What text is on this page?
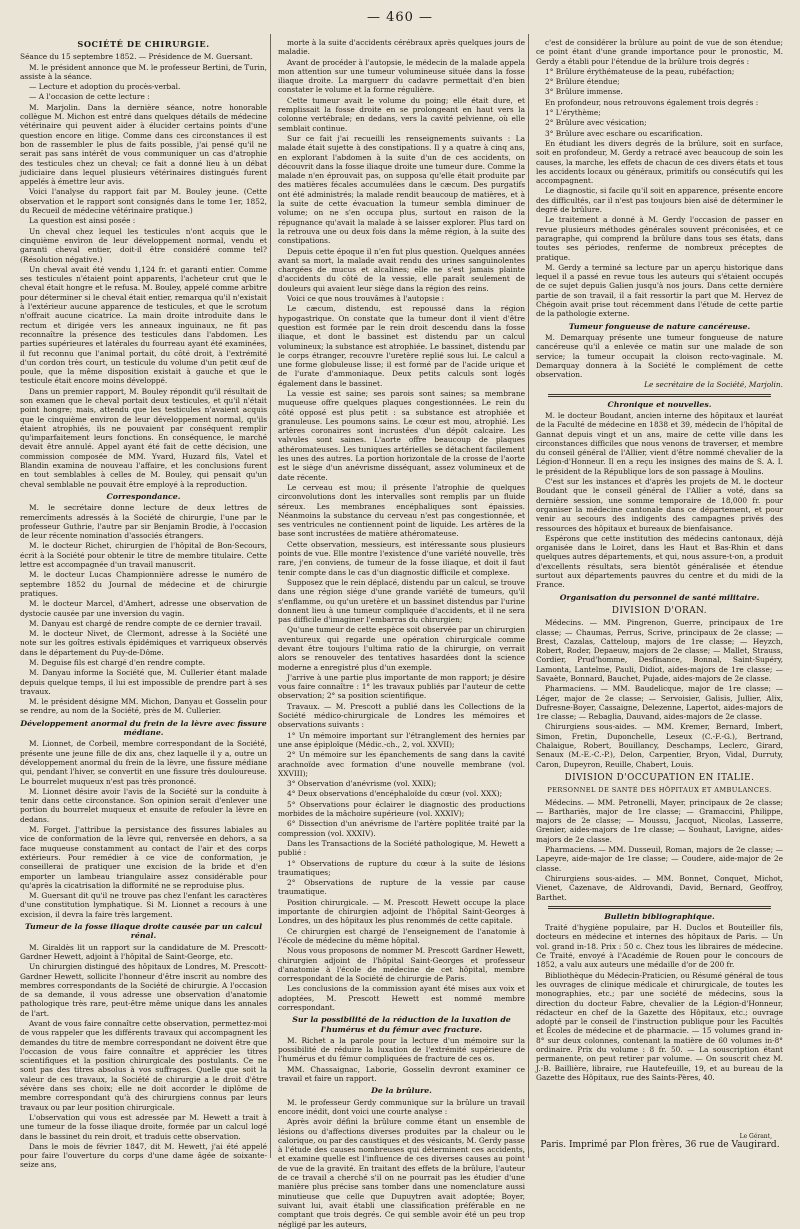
— 460 —
SOCIÉTÉ DE CHIRURGIE.

Séance du 15 septembre 1852. — Présidence de M. Guersant.

M. le président annonce que M. le professeur Bertini, de Turin, assiste à la séance.

— Lecture et adoption du procès-verbal.

— A l'occasion de cette lecture :

M. Marjolin. Dans la dernière séance, notre honorable collègue M. Michon est entré dans quelques détails de médecine vétérinaire qui peuvent aider à élucider certains points d'une question encore en litige. Comme dans ces circonstances il est bon de rassembler le plus de faits possible, j'ai pensé qu'il ne serait pas sans intérêt de vous communiquer un cas d'atrophie des testicules chez un cheval; ce fait a donné lieu à un débat judiciaire dans lequel plusieurs vétérinaires distingués furent appelés à émettre leur avis.

Voici l'analyse du rapport fait par M. Bouley jeune. (Cette observation et le rapport sont consignés dans le tome 1er, 1852, du Recueil de médecine vétérinaire pratique.)

La question est ainsi posée :

Un cheval chez lequel les testicules n'ont acquis que le cinquième environ de leur développement normal, vendu et garanti cheval entier, doit-il être considéré comme tel? (Résolution négative.)

Un cheval avait été vendu 1,124 fr. et garanti entier. Comme ses testicules n'étaient point apparents, l'acheteur crut que le cheval était hongre et le refusa. M. Bouley, appelé comme arbitre pour déterminer si le cheval était entier, remarqua qu'il n'existait à l'extérieur aucune apparence de testicules, et que le scrotum n'offrait aucune cicatrice. La main droite introduite dans le rectum et dirigée vers les anneaux inguinaux, ne fit pas reconnaître la présence des testicules dans l'abdomen. Les parties supérieures et latérales du fourreau ayant été examinées, il fut reconnu que l'animal portait, du côté droit, à l'extrémité d'un cordon très court, un testicule du volume d'un petit œuf de poule, que la même disposition existait à gauche et que le testicule était encore moins développé.

Dans un premier rapport, M. Bouley répondit qu'il résultait de son examen que le cheval portait deux testicules, et qu'il n'était point hongre; mais, attendu que les testicules n'avaient acquis que le cinquième environ de leur développement normal, qu'ils étaient atrophiés, ils ne pouvaient par conséquent remplir qu'imparfaitement leurs fonctions. En conséquence, le marché devait être annulé. Appel ayant été fait de cette décision, une commission composée de MM. Yvard, Huzard fils, Vatel et Blandin examina de nouveau l'affaire, et les conclusions furent en tout semblables à celles de M. Bouley, qui pensait qu'un cheval semblable ne pouvait être employé à la reproduction.

Correspondance.

M. le secrétaire donne lecture de deux lettres de remercîments adressés à la Société de chirurgie, l'une par le professeur Guthrie, l'autre par sir Benjamin Brodie, à l'occasion de leur récente nomination d'associés étrangers.

M. le docteur Richet, chirurgien de l'hôpital de Bon-Secours, écrit à la Société pour obtenir le titre de membre titulaire. Cette lettre est accompagnée d'un travail manuscrit.

M. le docteur Lucas Championnière adresse le numéro de septembre 1852 du Journal de médecine et de chirurgie pratiques.

M. le docteur Marcel, d'Amhert, adresse une observation de dystocie causée par une inversion du vagin.

M. Danyau est chargé de rendre compte de ce dernier travail.

M. le docteur Nivet, de Clermont, adresse à la Société une note sur les goîtres estivals épidémiques et varriqueux observés dans le département du Puy-de-Dôme.

M. Deguise fils est chargé d'en rendre compte.

M. Danyau informe la Société que, M. Cullerier étant malade depuis quelque temps, il lui est impossible de prendre part à ses travaux.

M. le président désigne MM. Michon, Danyau et Gosselin pour se rendre, au nom de la Société, près de M. Cullerier.

Développement anormal du frein de la lèvre avec fissure médiane.

M. Lionnet, de Corbeil, membre correspondant de la Société, présente une jeune fille de dix ans, chez laquelle il y a, outre un développement anormal du frein de la lèvre, une fissure médiane qui, pendant l'hiver, se convertit en une fissure très douloureuse. Le bourrelet muqueux n'est pas très prononcé.

M. Lionnet désire avoir l'avis de la Société sur la conduite à tenir dans cette circonstance. Son opinion serait d'enlever une portion du bourrelet muqueux et ensuite de refouler la lèvre en dedans.

M. Forget. J'attribue la persistance des fissures labiales au vice de conformation de la lèvre qui, renversée en dehors, a sa face muqueuse constamment au contact de l'air et des corps extérieurs. Pour remédier à ce vice de conformation, je conseillerai de pratiquer une excision de la bride et d'en emporter un lambeau triangulaire assez considérable pour qu'après la cicatrisation la difformité ne se reproduise plus.

M. Guersant dit qu'il ne trouve pas chez l'enfant les caractères d'une constitution lymphatique. Si M. Lionnet a recours à une excision, il devra la faire très largement.

Tumeur de la fosse iliaque droite causée par un calcul rénal.

M. Giraldès lit un rapport sur la candidature de M. Prescott-Gardner Hewett, adjoint à l'hôpital de Saint-George, etc.

Un chirurgien distingué des hôpitaux de Londres, M. Prescott-Gardner Hewett, sollicite l'honneur d'être inscrit au nombre des membres correspondants de la Société de chirurgie. A l'occasion de sa demande, il vous adresse une observation d'anatomie pathologique très rare, peut-être même unique dans les annales de l'art.

Avant de vous faire connaître cette observation, permettez-moi de vous rappeler que les différents travaux qui accompagnent les demandes du titre de membre correspondant ne doivent être que l'occasion de vous faire connaître et apprécier les titres scientifiques et la position chirurgicale des postulants. Ce ne sont pas des titres absolus à vos suffrages. Quelle que soit la valeur de ces travaux, la Société de chirurgie a le droit d'être sévère dans ses choix; elle ne doit accorder le diplôme de membre correspondant qu'à des chirurgiens connus par leurs travaux ou par leur position chirurgicale.

L'observation qui vous est adressée par M. Hewett a trait à une tumeur de la fosse iliaque droite, formée par un calcul logé dans le bassinet du rein droit, et traduis cette observation.

Dans le mois de février 1847, dit M. Hewett, j'ai été appelé pour faire l'ouverture du corps d'une dame âgée de soixante-seize ans,

morte à la suite d'accidents cérébraux après quelques jours de maladie.

Avant de procéder à l'autopsie, le médecin de la malade appela mon attention sur une tumeur volumineuse située dans la fosse iliaque droite. La marguerr du cadavre permettait d'en bien constater le volume et la forme régulière.

Cette tumeur avait le volume du poing; elle était dure, et remplissait la fosse droite en se prolongeant en haut vers la colonne vertébrale; en dedans, vers la cavité pelvienne, où elle semblait continue.

Sur ce fait j'ai recueilli les renseignements suivants : La malade était sujette à des constipations. Il y a quatre à cinq ans, en explorant l'abdomen à la suite d'un de ces accidents, on découvrit dans la fosse iliaque droite une tumeur dure. Comme la malade n'en éprouvait pas, on supposa qu'elle était produite par des matières fécales accumulées dans le cæcum. Des purgatifs ont été administrés; la malade rendit beaucoup de matières, et à la suite de cette évacuation la tumeur sembla diminuer de volume; on ne s'en occupa plus, surtout en raison de la répugnance qu'avait la malade à se laisser explorer. Plus tard on la retrouva une ou deux fois dans la même région, à la suite des constipations.

Depuis cette époque il n'en fut plus question. Quelques années avant sa mort, la malade avait rendu des urines sanguinolentes chargées de mucus et alcalines; elle ne s'est jamais plainte d'accidents du côté de la vessie, elle paraît seulement de douleurs qui avaient leur siège dans la région des reins.

Voici ce que nous trouvâmes à l'autopsie :

Le cæcum, distendu, est repoussé dans la région hypogastrique. On constate que la tumeur dont il vient d'être question est formée par le rein droit descendu dans la fosse iliaque, et dont le bassinet est distendu par un calcul volumineux; la substance est atrophiée. Le bassinet, distendu par le corps étranger, recouvre l'uretère replié sous lui. Le calcul a une forme globuleuse lisse; il est formé par de l'acide urique et de l'urate d'ammoniaque. Deux petits calculs sont logés également dans le bassinet.

La vessie est saine; ses parois sont saines; sa membrane muqueuse offre quelques plaques congestionnées. Le rein du côté opposé est plus petit : sa substance est atrophiée et granuleuse. Les poumons sains. Le cœur est mou, atrophié. Les artères coronaires sont incrustées d'un dépôt calcaire. Les valvules sont saines. L'aorte offre beaucoup de plaques athéromateuses. Les tuniques artérielles se détachent facilement les unes des autres. La portion horizontale de la crosse de l'aorte est le siège d'un anévrisme disséquant, assez volumineux et de date récente.

Le cerveau est mou; il présente l'atrophie de quelques circonvolutions dont les intervalles sont remplis par un fluide séreux. Les membranes encéphaliques sont épaissies. Néanmoins la substance du cerveau n'est pas congestionnée, et ses ventricules ne contiennent point de liquide. Les artères de la base sont incrustées de matière athéromateuse.

Cette observation, messieurs, est intéressante sous plusieurs points de vue. Elle montre l'existence d'une variété nouvelle, très rare, j'en conviens, de tumeur de la fosse iliaque, et doit il faut tenir compte dans le cas d'un diagnostic difficile et complexe.

Supposez que le rein déplacé, distendu par un calcul, se trouve dans une région siége d'une grande variété de tumeurs, qu'il s'enflamme, ou qu'un uretère et un bassinet distendus par l'urine donnent lieu à une tumeur compliquée d'accidents, et il ne sera pas difficile d'imaginer l'embarras du chirurgien;

Qu'une tumeur de cette espèce soit observée par un chirurgien aventureux qui regarde une opération chirurgicale comme devant être toujours l'ultima ratio de la chirurgie, on verrait alors se renouveler des tentatives hasardées dont la science moderne a enregistré plus d'un exemple.

J'arrive à une partie plus importante de mon rapport; je désire vous faire connaître : 1° les travaux publiés par l'auteur de cette observation; 2° sa position scientifique.

Travaux. — M. Prescott a publié dans les Collections de la Société médico-chirurgicale de Londres les mémoires et observations suivants :

1° Un mémoire important sur l'étranglement des hernies par une anse épiploïque (Médic.-ch., 2, vol. XXVII);

2° Un mémoire sur les épanchements de sang dans la cavité arachnoïde avec formation d'une nouvelle membrane (vol. XXVIII);

3° Observation d'anévrisme (vol. XXIX);

4° Deux observations d'encéphaloïde du cœur (vol. XXX);

5° Observations pour éclairer le diagnostic des productions morbides de la mâchoire supérieure (vol. XXXIV);

6° Dissection d'un anévrisme de l'artère poplitée traité par la compression (vol. XXXIV).

Dans les Transactions de la Société pathologique, M. Hewett a publié :

1° Observations de rupture du cœur à la suite de lésions traumatiques;

2° Observations de rupture de la vessie par cause traumatique.

Position chirurgicale. — M. Prescott Hewett occupe la place importante de chirurgien adjoint de l'hôpital Saint-Georges à Londres, un des hôpitaux les plus renommés de cette capitale.

Ce chirurgien est chargé de l'enseignement de l'anatomie à l'école de médecine du même hôpital.

Nous vous proposons de nommer M. Prescott Gardner Hewett, chirurgien adjoint de l'hôpital Saint-Georges et professeur d'anatomie à l'école de médecine de cet hôpital, membre correspondant de la Société de chirurgie de Paris.

Les conclusions de la commission ayant été mises aux voix et adoptées, M. Prescott Hewett est nommé membre correspondant.

Sur la possibilité de la réduction de la luxation de l'humérus et du fémur avec fracture.

M. Richet a la parole pour la lecture d'un mémoire sur la possibilité de réduire la luxation de l'extrémité supérieure de l'humérus et du fémur compliquées de fracture de ces os.

MM. Chassaignac, Laborie, Gosselin devront examiner ce travail et faire un rapport.

De la brûlure.

M. le professeur Gerdy communique sur la brûlure un travail encore inédit, dont voici une courte analyse :

Après avoir défini la brûlure comme étant un ensemble de lésions ou d'affections diverses produites par la chaleur ou le calorique, ou par des caustiques et des vésicants, M. Gerdy passe à l'étude des causes nombreuses qui déterminent ces accidents, et examine quelle est l'influence de ces diverses causes au point de vue de la gravité. En traitant des effets de la brûlure, l'auteur de ce travail a cherché s'il on ne pourrait pas les étudier d'une manière plus précise sans tomber dans une nomenclature aussi minutieuse que celle que Dupuytren avait adoptée; Boyer, suivant lui, avait établi une classification préférable en ne comptant que trois degrés. Ce qui semble avoir été un peu trop négligé par les auteurs,

c'est de considérer la brûlure au point de vue de son étendue; ce point étant d'une grande importance pour le pronostic, M. Gerdy a établi pour l'étendue de la brûlure trois degrés :

1° Brûlure érythémateuse de la peau, rubéfaction;

2° Brûlure étendue;

3° Brûlure immense.

En profondeur, nous retrouvons également trois degrés :

1° L'érythème;

2° Brûlure avec vésication;

3° Brûlure avec eschare ou escarification.

En étudiant les divers degrés de la brûlure, soit en surface, soit en profondeur, M. Gerdy a retracé avec beaucoup de soin les causes, la marche, les effets de chacun de ces divers états et tous les accidents locaux ou généraux, primitifs ou consécutifs qui les accompagnent.

Le diagnostic, si facile qu'il soit en apparence, présente encore des difficultés, car il n'est pas toujours bien aisé de déterminer le degré de brûlure.

Le traitement a donné à M. Gerdy l'occasion de passer en revue plusieurs méthodes générales souvent préconisées, et ce paragraphe, qui comprend la brûlure dans tous ses états, dans toutes ses périodes, renferme de nombreux préceptes de pratique.

M. Gerdy a terminé sa lecture par un aperçu historique dans lequel il a passé en revue tous les auteurs qui s'étaient occupés de ce sujet depuis Galien jusqu'à nos jours. Dans cette dernière partie de son travail, il a fait ressortir la part que M. Hervez de Chégoin avait prise tout récemment dans l'étude de cette partie de la pathologie externe.

Tumeur fongueuse de nature cancéreuse.

M. Demarquay présente une tumeur fongueuse de nature cancéreuse qu'il a enlevée ce matin sur une malade de son service; la tumeur occupait la cloison recto-vaginale. M. Demarquay donnera à la Société le complément de cette observation.

Le secrétaire de la Société, Marjolin.

Chronique et nouvelles.

M. le docteur Boudant, ancien interne des hôpitaux et lauréat de la Faculté de médecine en 1838 et 39, médecin de l'hôpital de Gannat depuis vingt et un ans, maire de cette ville dans les circonstances difficiles que nous venons de traverser, et membre du conseil général de l'Allier, vient d'être nommé chevalier de la Légion-d'Honneur. Il en a reçu les insignes des mains de S. A. I. le président de la République lors de son passage à Moulins.

C'est sur les instances et d'après les projets de M. le docteur Boudant que le conseil général de l'Allier a voté, dans sa dernière session, une somme temporaire de 18,000 fr. pour organiser la médecine cantonale dans ce département, et pour venir au secours des indigents des campagnes privés des ressources des hôpitaux et bureaux de bienfaisance.

Espérons que cette institution des médecins cantonaux, déjà organisée dans le Loiret, dans les Haut et Bas-Rhin et dans quelques autres départements, et qui, nous assure-t-on, a produit d'excellents résultats, sera bientôt généralisée et étendue surtout aux départements pauvres du centre et du midi de la France.

Organisation du personnel de santé militaire.
DIVISION D'ORAN.

Médecins. — MM. Pingrenon, Guerre, principaux de 1re classe; — Chaumas, Perrus, Scrive, principaux de 2e classe; — Brest, Cazalas, Catteloup, majors de 1re classe; — Heyzch, Robert, Roder, Depaeuw, majors de 2e classe; — Mallet, Strauss, Cordier, Prud'homme, Desfinance, Bonnal, Saint-Supéry, Lamonta, Lantelme, Pauli, Didiot, aides-majors de 1re classe; — Savaète, Bonnard, Bauchet, Pujade, aides-majors de 2e classe.

Pharmaciens. — MM. Baudelicque, major de 1re classe; — Léger, major de 2e classe; — Servoisier, Galisis, Jullier, Alix, Dufresne-Boyer, Cassaigne, Delezenne, Lapertot, aides-majors de 1re classe; — Rebaglia, Dauvand, aides-majors de 2e classe.

Chirurgiens sous-aides. — MM. Kremer, Bernard, Imbert, Simon, Fretin, Duponchelle, Leseux (C.-F.-G.), Bertrand, Chalaigue, Robert, Bouillancy, Deschamps, Leclerc, Girard, Senaux (M.-E.-C.-P.), Delon, Carpentier, Bryon, Vidal, Durruty, Caron, Dupeyron, Reuille, Chabert, Louis.

DIVISION D'OCCUPATION EN ITALIE.
PERSONNEL DE SANTÉ DES HÔPITAUX ET AMBULANCES.

Médecins. — MM. Petronelli, Mayer, principaux de 2e classe; — Barthariès, major de 1re classe; — Gramaccini, Philippe, majors de 2e classe; — Moussu, Jacquot, Nicolas, Lasserre, Grenier, aides-majors de 1re classe; — Souhaut, Lavigne, aides-majors de 2e classe.

Pharmaciens. — MM. Dusseuil, Roman, majors de 2e classe; — Lapeyre, aide-major de 1re classe; — Coudere, aide-major de 2e classe.

Chirurgiens sous-aides. — MM. Bonnet, Conquet, Michot, Vienet, Cazenave, de Aldrovandi, David, Bernard, Geoffroy, Barthet.

Bulletin bibliographique.

Traité d'hygiène populaire, par H. Duclos et Bouteiller fils, docteurs en médecine et internes des hôpitaux de Paris. — Un vol. grand in-18. Prix : 50 c. Chez tous les libraires de médecine. Ce Traité, envoyé à l'Académie de Rouen pour le concours de 1852, a valu aux auteurs une médaille d'or de 200 fr.

Bibliothèque du Médecin-Praticien, ou Résumé général de tous les ouvrages de clinique médicale et chirurgicale, de toutes les monographies, etc.; par une société de médecins, sous la direction du docteur Fabre, chevalier de la Légion-d'Honneur, rédacteur en chef de la Gazette des Hôpitaux, etc.; ouvrage adopté par le conseil de l'instruction publique pour les Facultés et Écoles de médecine et de pharmacie. — 15 volumes grand in-8° sur deux colonnes, contenant la matière de 60 volumes in-8° ordinaire. Prix du volume : 8 fr. 50. — La souscription étant permanente, on peut retirer par volume. — On souscrit chez M. J.-B. Baillière, libraire, rue Hautefeuille, 19, et au bureau de la Gazette des Hôpitaux, rue des Saints-Pères, 40.

Le Gérant,
Paris. Imprimé par Plon frères, 36 rue de Vaugirard.
